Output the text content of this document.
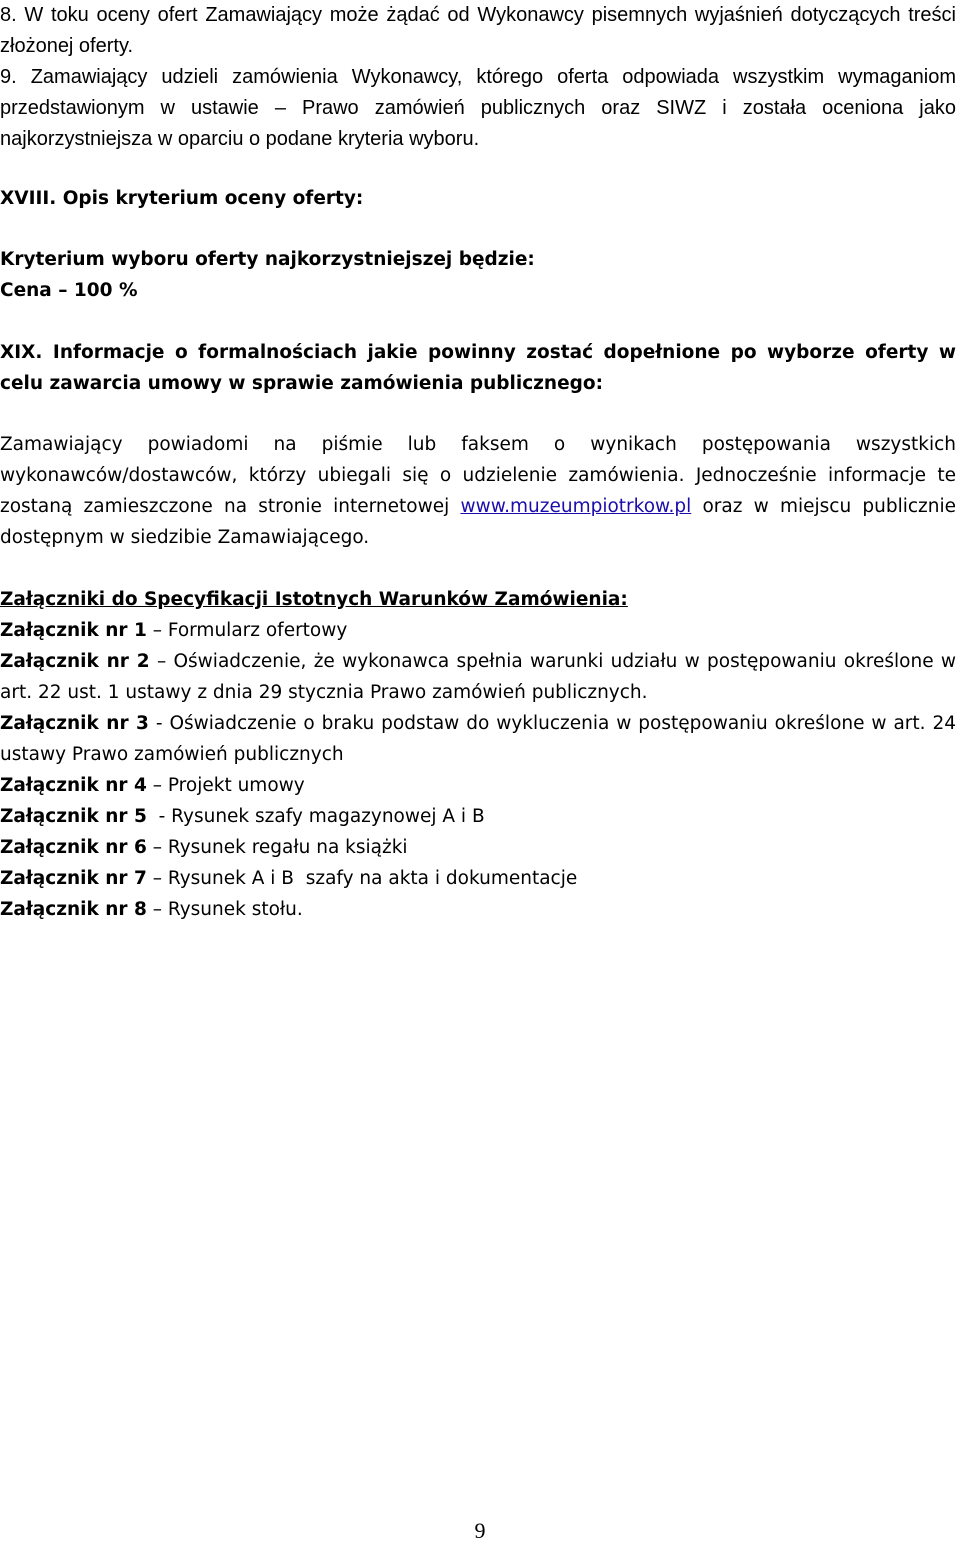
8. W toku oceny ofert Zamawiający może żądać od Wykonawcy pisemnych wyjaśnień dotyczących treści złożonej oferty.

9. Zamawiający udzieli zamówienia Wykonawcy, którego oferta odpowiada wszystkim wymaganiom przedstawionym w ustawie – Prawo zamówień publicznych oraz SIWZ i została oceniona jako najkorzystniejsza w oparciu o podane kryteria wyboru.

XVIII. Opis kryterium oceny oferty:

Kryterium wyboru oferty najkorzystniejszej będzie:

Cena – 100 %

XIX. Informacje o formalnościach jakie powinny zostać dopełnione po wyborze oferty w celu zawarcia umowy w sprawie zamówienia publicznego:

Zamawiający powiadomi na piśmie lub faksem o wynikach postępowania wszystkich wykonawców/dostawców, którzy ubiegali się o udzielenie zamówienia. Jednocześnie informacje te zostaną zamieszczone na stronie internetowej www.muzeumpiotrkow.pl oraz w miejscu publicznie dostępnym w siedzibie Zamawiającego.

Załączniki do Specyfikacji Istotnych Warunków Zamówienia:

Załącznik nr 1 – Formularz ofertowy

Załącznik nr 2 – Oświadczenie, że wykonawca spełnia warunki udziału w postępowaniu określone w art. 22 ust. 1 ustawy z dnia 29 stycznia Prawo zamówień publicznych.

Załącznik nr 3 - Oświadczenie o braku podstaw do wykluczenia w postępowaniu określone w art. 24 ustawy Prawo zamówień publicznych

Załącznik nr 4 – Projekt umowy

Załącznik nr 5  - Rysunek szafy magazynowej A i B

Załącznik nr 6 – Rysunek regału na książki

Załącznik nr 7 – Rysunek A i B  szafy na akta i dokumentacje

Załącznik nr 8 – Rysunek stołu.

9
